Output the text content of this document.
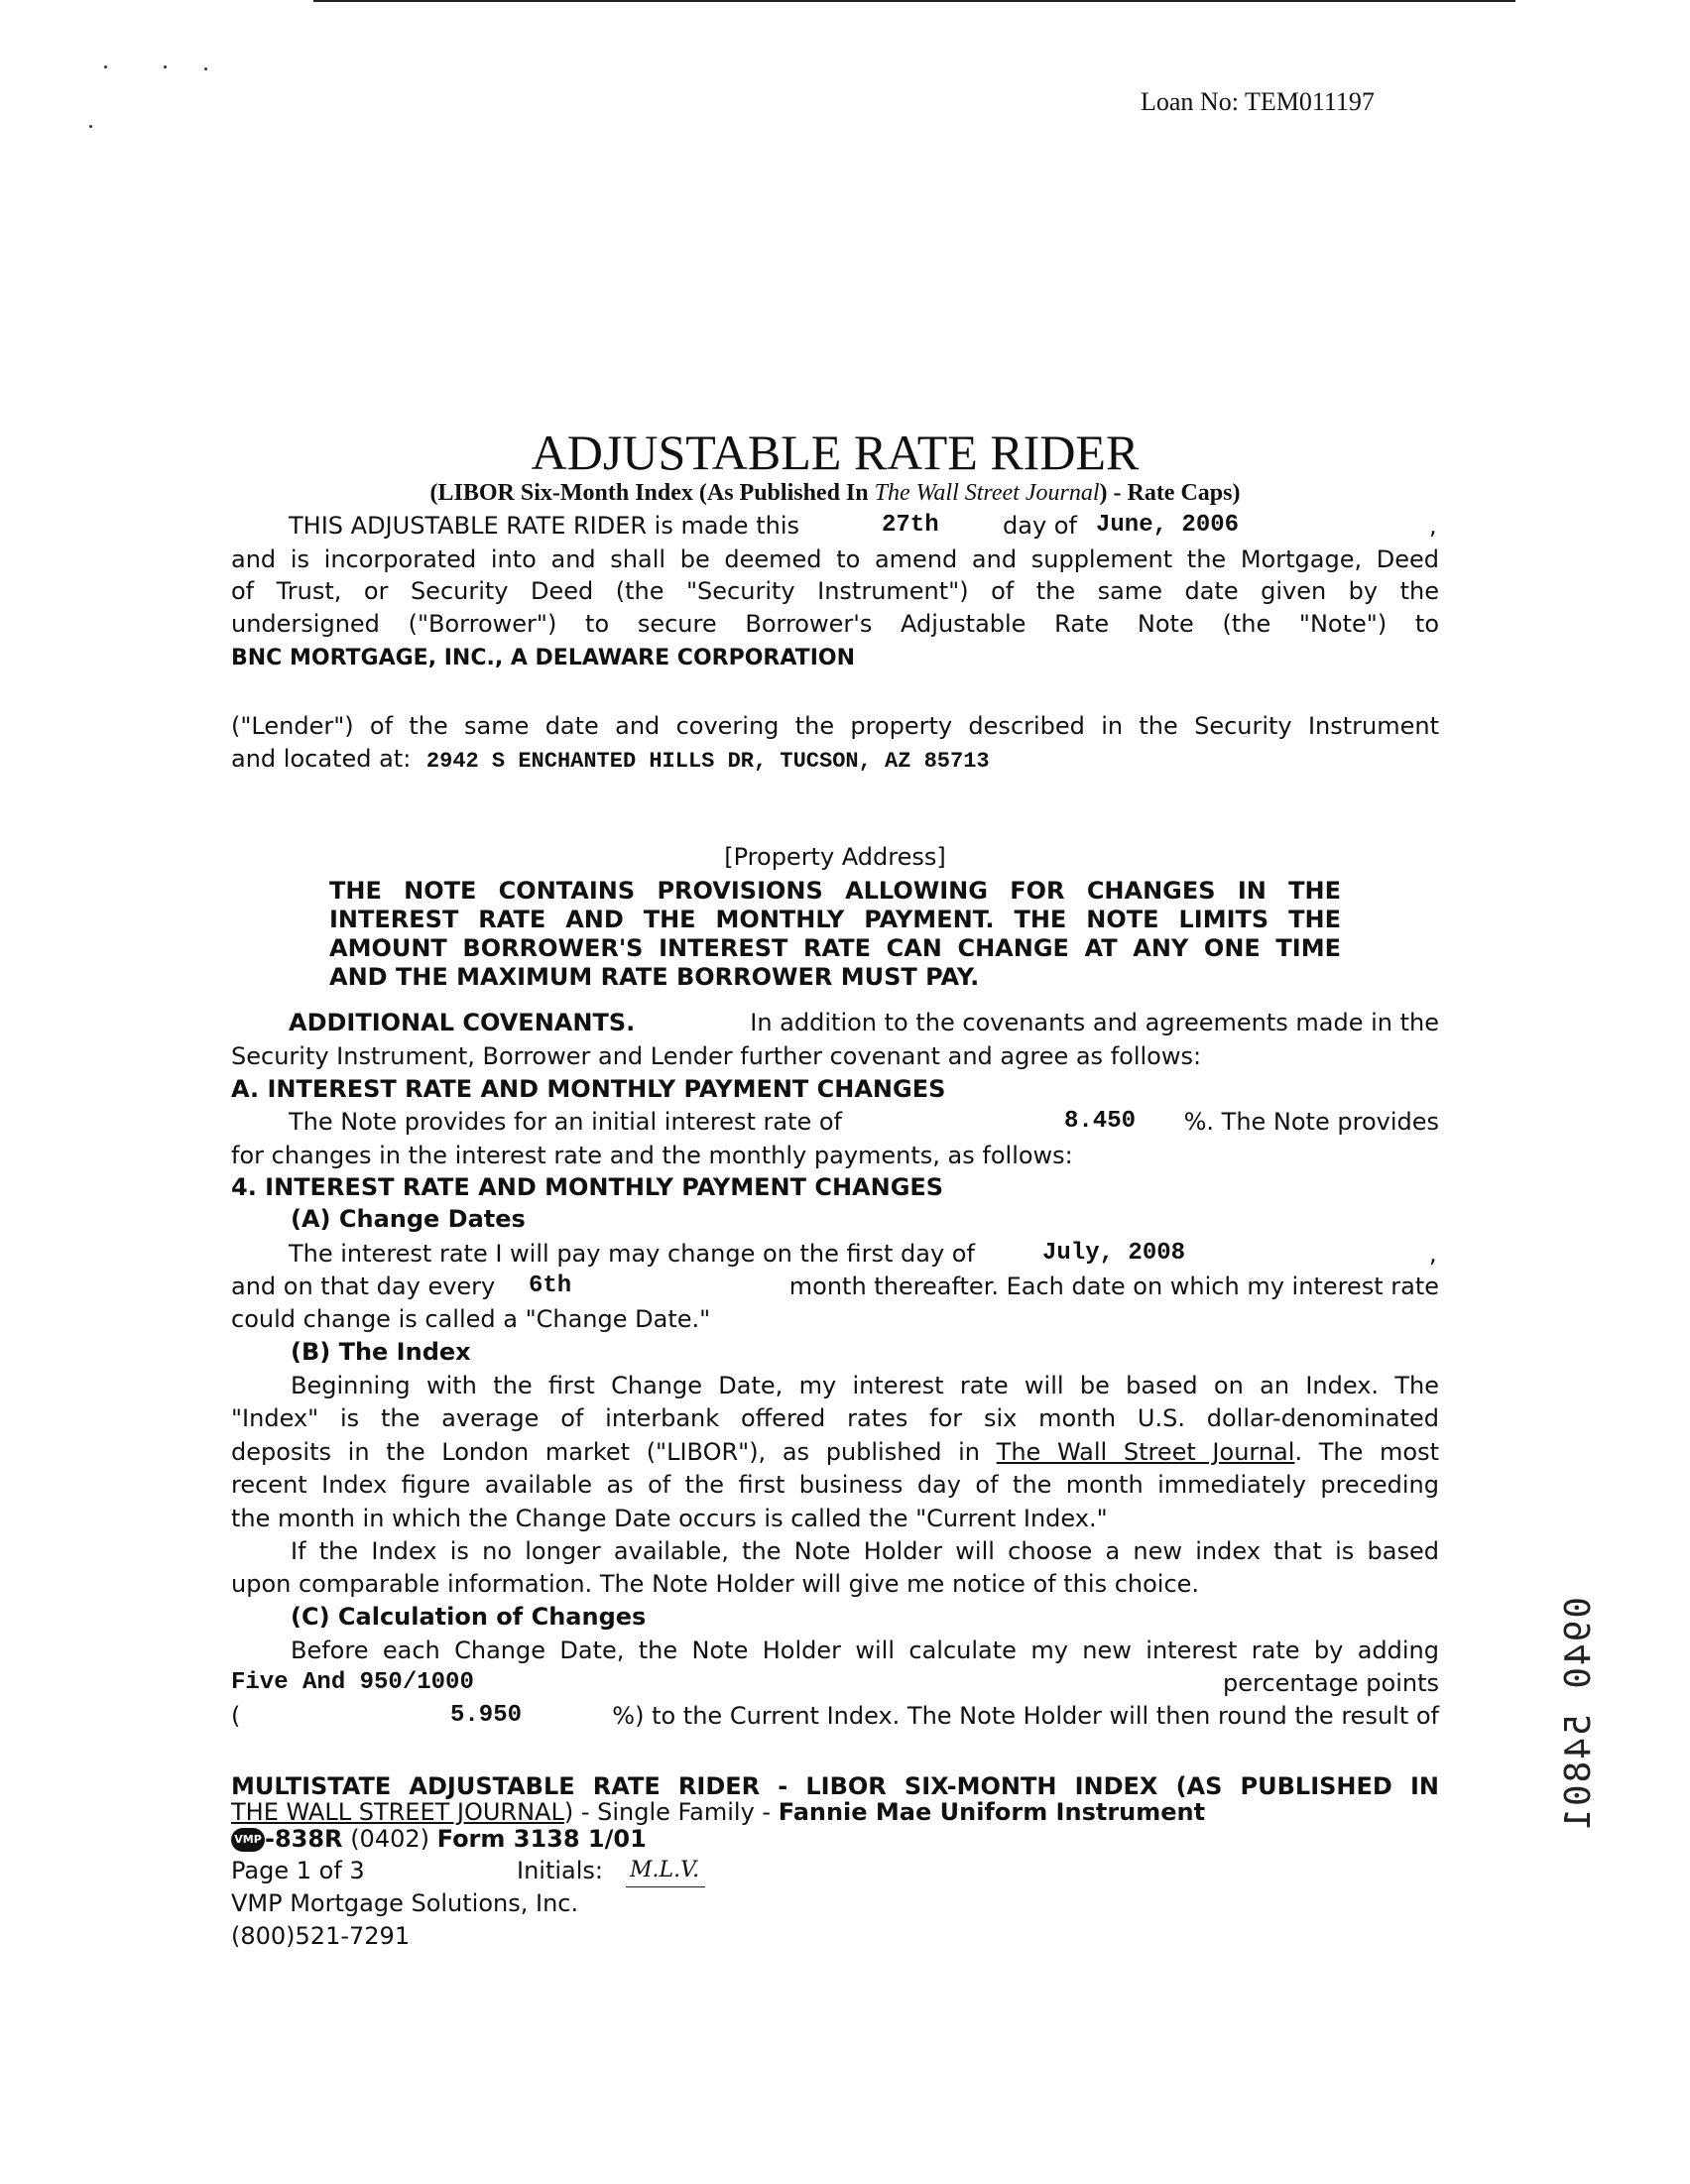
Loan No: TEM011197
ADJUSTABLE RATE RIDER
(LIBOR Six-Month Index (As Published In The Wall Street Journal) - Rate Caps)
THIS ADJUSTABLE RATE RIDER is made this	27th	day of June, 2006	,
and is incorporated into and shall be deemed to amend and supplement the Mortgage, Deed
of Trust, or Security Deed (the "Security Instrument") of the same date given by the
undersigned ("Borrower") to secure Borrower's Adjustable Rate Note (the "Note") to
BNC MORTGAGE, INC., A DELAWARE CORPORATION
("Lender") of the same date and covering the property described in the Security Instrument
and located at: 2942 S ENCHANTED HILLS DR, TUCSON, AZ 85713
[Property Address]
THE NOTE CONTAINS PROVISIONS ALLOWING FOR CHANGES IN THE
INTEREST RATE AND THE MONTHLY PAYMENT. THE NOTE LIMITS THE
AMOUNT BORROWER'S INTEREST RATE CAN CHANGE AT ANY ONE TIME
AND THE MAXIMUM RATE BORROWER MUST PAY.
ADDITIONAL COVENANTS.	In addition to the covenants and agreements made in the
Security Instrument, Borrower and Lender further covenant and agree as follows:
A. INTEREST RATE AND MONTHLY PAYMENT CHANGES
The Note provides for an initial interest rate of	8.450 %. The Note provides
for changes in the interest rate and the monthly payments, as follows:
4. INTEREST RATE AND MONTHLY PAYMENT CHANGES
(A) Change Dates
The interest rate I will pay may change on the first day of	July, 2008	,
and on that day every 6th	month thereafter. Each date on which my interest rate
could change is called a "Change Date."
(B) The Index
Beginning with the first Change Date, my interest rate will be based on an Index. The
"Index" is the average of interbank offered rates for six month U.S. dollar-denominated
deposits in the London market ("LIBOR"), as published in The Wall Street Journal. The most
recent Index figure available as of the first business day of the month immediately preceding
the month in which the Change Date occurs is called the "Current Index."
If the Index is no longer available, the Note Holder will choose a new index that is based
upon comparable information. The Note Holder will give me notice of this choice.
(C) Calculation of Changes
Before each Change Date, the Note Holder will calculate my new interest rate by adding
Five And 950/1000	percentage points
(	5.950	%) to the Current Index. The Note Holder will then round the result of
MULTISTATE ADJUSTABLE RATE RIDER - LIBOR SIX-MONTH INDEX (AS PUBLISHED IN
THE WALL STREET JOURNAL) - Single Family - Fannie Mae Uniform Instrument
VMP -838R (0402) Form 3138 1/01
Page 1 of 3	Initials: M.L.V.
VMP Mortgage Solutions, Inc.
(800)521-7291
0940 54801
